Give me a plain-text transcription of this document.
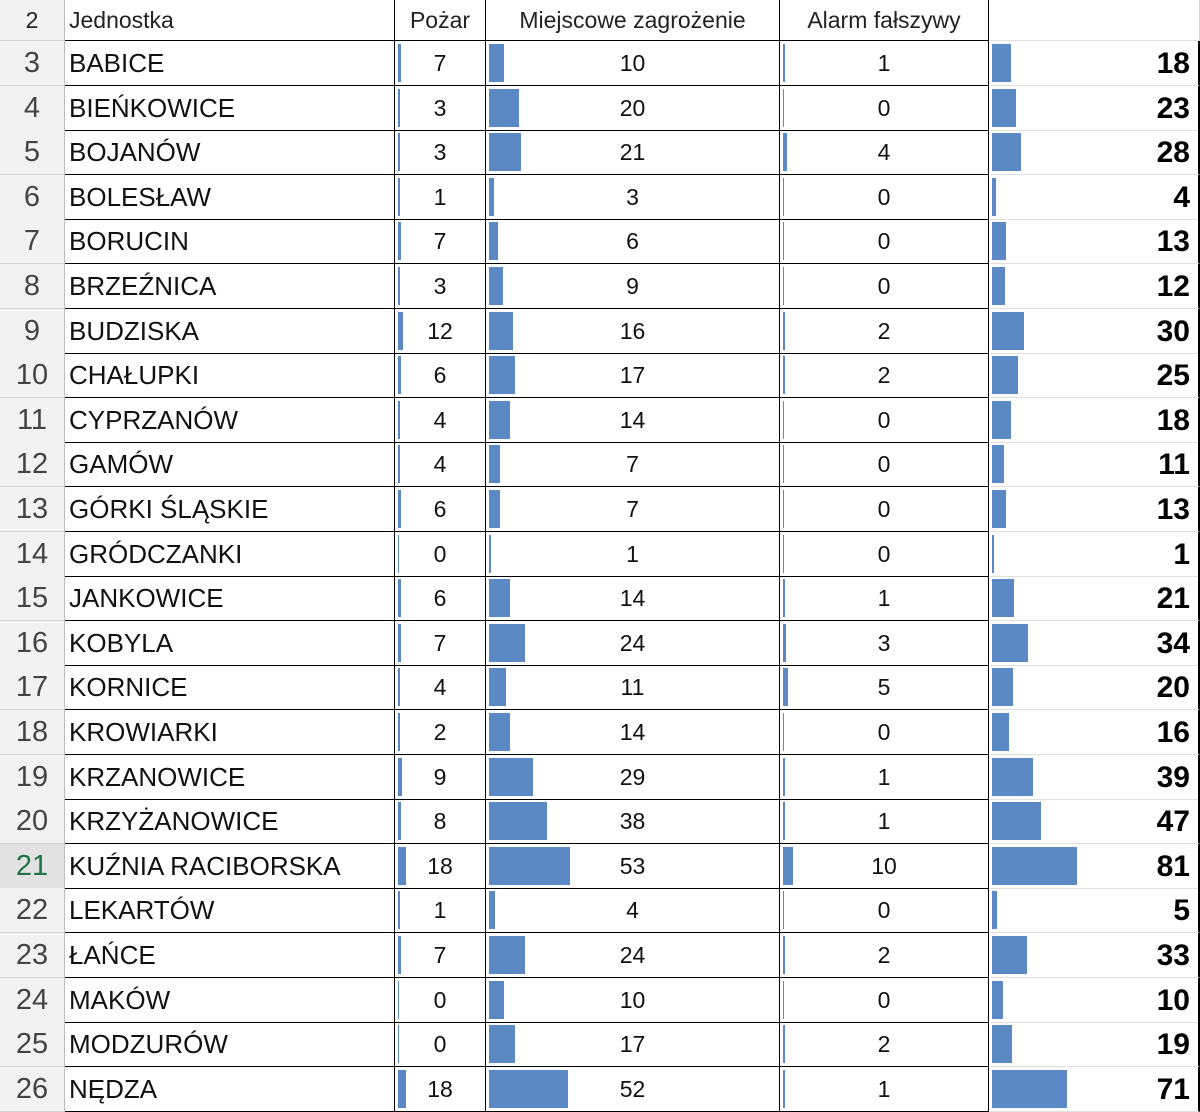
2	Jednostka	Pożar	Miejscowe zagrożenie	Alarm fałszywy
3	BABICE	7	10	1	18
4	BIEŃKOWICE	3	20	0	23
5	BOJANÓW	3	21	4	28
6	BOLESŁAW	1	3	0	4
7	BORUCIN	7	6	0	13
8	BRZEŹNICA	3	9	0	12
9	BUDZISKA	12	16	2	30
10 CHAŁUPKI	6	17	2	25
11 CYPRZANÓW	4	14	0	18
12 GAMÓW	4	7	0	11
13 GÓRKI ŚLĄSKIE	6	7	0	13
14 GRÓDCZANKI	0	1	0	1
15 JANKOWICE	6	14	1	21
16 KOBYLA	7	24	3	34
17 KORNICE	4	11	5	20
18 KROWIARKI	2	14	0	16
19 KRZANOWICE	9	29	1	39
20 KRZYŻANOWICE	8	38	1	47
21 KUŹNIA RACIBORSKA	18	53	10	81
22 LEKARTÓW	1	4	0	5
23 ŁAŃCE	7	24	2	33
24 MAKÓW	0	10	0	10
25 MODZURÓW	0	17	2	19
26 NĘDZA	18	52	1	71
